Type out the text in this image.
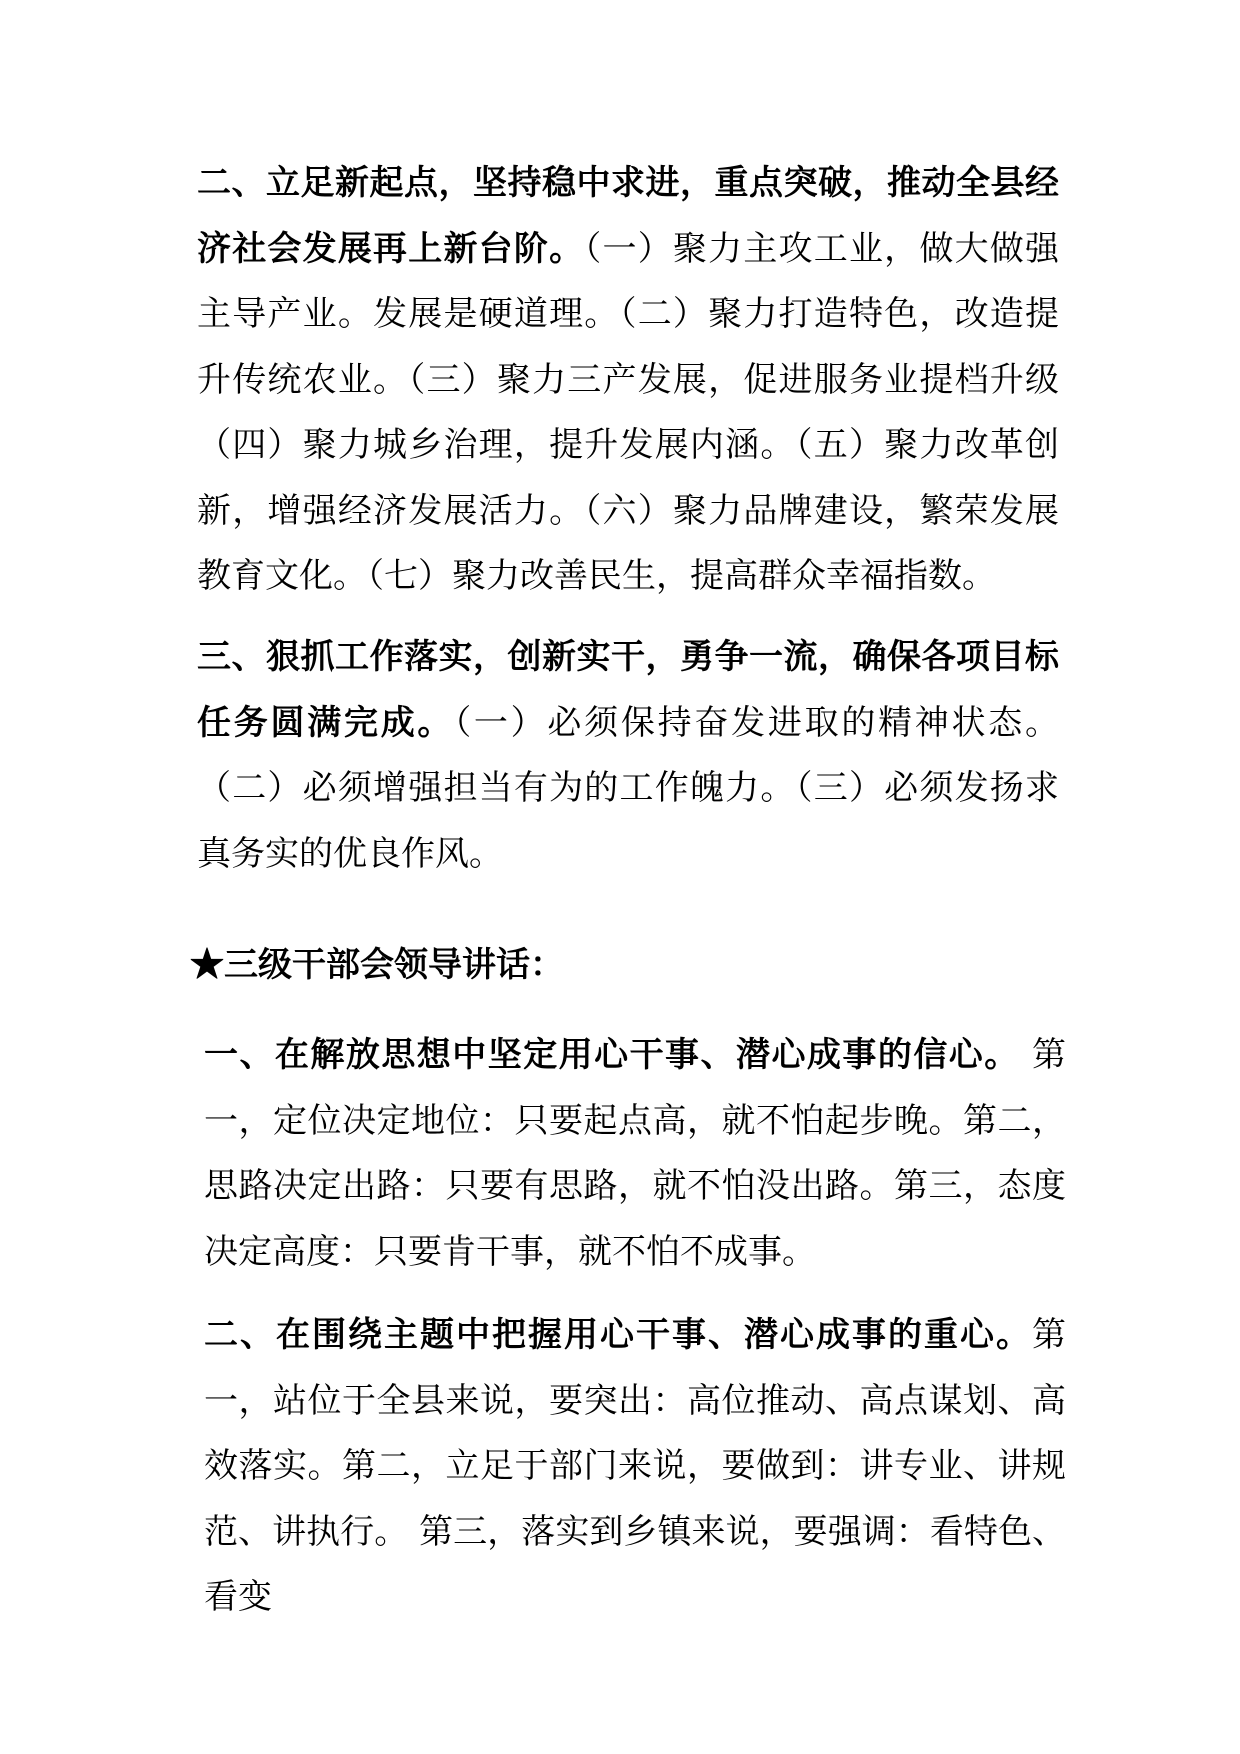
二、立足新起点，坚持稳中求进，重点突破，推动全县经济社会发展再上新台阶。（一）聚力主攻工业，做大做强主导产业。发展是硬道理。（二）聚力打造特色，改造提升传统农业。（三）聚力三产发展，促进服务业提档升级（四）聚力城乡治理，提升发展内涵。（五）聚力改革创新，增强经济发展活力。（六）聚力品牌建设，繁荣发展教育文化。（七）聚力改善民生，提高群众幸福指数。

三、狠抓工作落实，创新实干，勇争一流，确保各项目标任务圆满完成。（一）必须保持奋发进取的精神状态。（二）必须增强担当有为的工作魄力。（三）必须发扬求真务实的优良作风。

★三级干部会领导讲话：

一、在解放思想中坚定用心干事、潜心成事的信心。 第一，定位决定地位：只要起点高，就不怕起步晚。第二，思路决定出路：只要有思路，就不怕没出路。第三，态度决定高度：只要肯干事，就不怕不成事。

二、在围绕主题中把握用心干事、潜心成事的重心。第一，站位于全县来说，要突出：高位推动、高点谋划、高效落实。第二，立足于部门来说，要做到：讲专业、讲规范、讲执行。 第三，落实到乡镇来说，要强调：看特色、看变
